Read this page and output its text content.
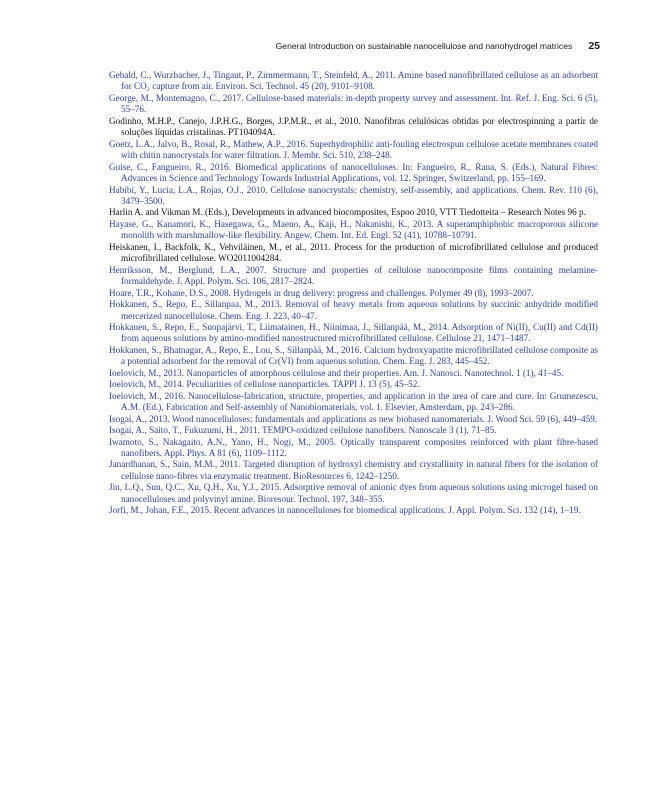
General Introduction on sustainable nanocellulose and nanohydrogel matrices 25

Gebald, C., Wurzbacher, J., Tingaut, P., Zimmermann, T., Steinfeld, A., 2011. Amine based nanofibrillated cellulose as an adsorbent for CO₂ capture from air. Environ. Sci. Technol. 45 (20), 9101–9108.

George, M., Montemagno, C., 2017. Cellulose-based materials: in-depth property survey and assessment. Int. Ref. J. Eng. Sci. 6 (5), 55–76.

Godinho, M.H.P., Canejo, J.P.H.G., Borges, J.P.M.R., et al., 2010. Nanofibras celulósicas obtidas por electrospinning a partir de soluções líquidas cristalinas. PT104094A.

Goetz, L.A., Jalvo, B., Rosal, R., Mathew, A.P., 2016. Superhydrophilic anti-fouling electrospun cellulose acetate membranes coated with chitin nanocrystals for water filtration. J. Membr. Sci. 510, 238–248.

Guise, C., Fangueiro, R., 2016. Biomedical applications of nanocelluloses. In: Fangueiro, R., Rana, S. (Eds.), Natural Fibres: Advances in Science and Technology Towards Industrial Applications, vol. 12. Springer, Switzerland, pp. 155–169.

Habibi, Y., Lucia, L.A., Rojas, O.J., 2010. Cellulose nanocrystals: chemistry, self-assembly, and applications. Chem. Rev. 110 (6), 3479–3500.

Harlin A. and Vikman M. (Eds.), Developments in advanced biocomposites, Espoo 2010, VTT Tiedotteita – Research Notes 96 p.

Hayase, G., Kanamori, K., Hasegawa, G., Maeno, A., Kaji, H., Nakanishi, K., 2013. A superamphiphobic macroporous silicone monolith with marshmallow-like flexibility. Angew. Chem. Int. Ed. Engl. 52 (41), 10788–10791.

Heiskanen, I., Backfolk, K., Vehviläinen, M., et al., 2011. Process for the production of microfibrillated cellulose and produced microfibrillated cellulose. WO2011004284.

Henriksson, M., Berglund, L.A., 2007. Structure and properties of cellulose nanocomposite films containing melamine-formaldehyde. J. Appl. Polym. Sci. 106, 2817–2824.

Hoare, T.R., Kohane, D.S., 2008. Hydrogels in drug delivery: progress and challenges. Polymer 49 (8), 1993–2007.

Hokkanen, S., Repo, E., Sillanpaa, M., 2013. Removal of heavy metals from aqueous solutions by succinic anhydride modified mercerized nanocellulose. Chem. Eng. J. 223, 40–47.

Hokkanen, S., Repo, E., Suopajärvi, T., Liimatainen, H., Niinimaa, J., Sillanpää, M., 2014. Adsorption of Ni(II), Cu(II) and Cd(II) from aqueous solutions by amino-modified nanostructured microfibrillated cellulose. Cellulose 21, 1471–1487.

Hokkanen, S., Bhatnagar, A., Repo, E., Lou, S., Sillanpää, M., 2016. Calcium hydroxyapatite microfibrillated cellulose composite as a potential adsorbent for the removal of Cr(VI) from aqueous solution. Chem. Eng. J. 283, 445–452.

Ioelovich, M., 2013. Nanoparticles of amorphous cellulose and their properties. Am. J. Nanosci. Nanotechnol. 1 (1), 41–45.

Ioelovich, M., 2014. Peculiarities of cellulose nanoparticles. TAPPI J. 13 (5), 45–52.

Ioelovich, M., 2016. Nanocellulose-fabrication, structure, properties, and application in the area of care and cure. In: Grumezescu, A.M. (Ed.), Fabrication and Self-assembly of Nanobiomaterials, vol. 1. Elsevier, Amsterdam, pp. 243–286.

Isogai, A., 2013. Wood nanocelluloses: fundamentals and applications as new biobased nanomaterials. J. Wood Sci. 59 (6), 449–459.

Isogai, A., Saito, T., Fukuzumi, H., 2011. TEMPO-oxidized cellulose nanofibers. Nanoscale 3 (1), 71–85.

Iwamoto, S., Nakagaito, A.N., Yano, H., Nogi, M., 2005. Optically transparent composites reinforced with plant fibre-based nanofibers. Appl. Phys. A 81 (6), 1109–1112.

Janardhanan, S., Sain, M.M., 2011. Targeted disruption of hydroxyl chemistry and crystallinity in natural fibers for the isolation of cellulose nano-fibres via enzymatic treatment. BioResources 6, 1242–1250.

Jin, L.Q., Sun, Q.C., Xu, Q.H., Xu, Y.J., 2015. Adsorptive removal of anionic dyes from aqueous solutions using microgel based on nanocelluloses and polyvinyl amine. Bioresour. Technol. 197, 348–355.

Jorfi, M., Johan, F.E., 2015. Recent advances in nanocelluloses for biomedical applications. J. Appl. Polym. Sci. 132 (14), 1–19.
